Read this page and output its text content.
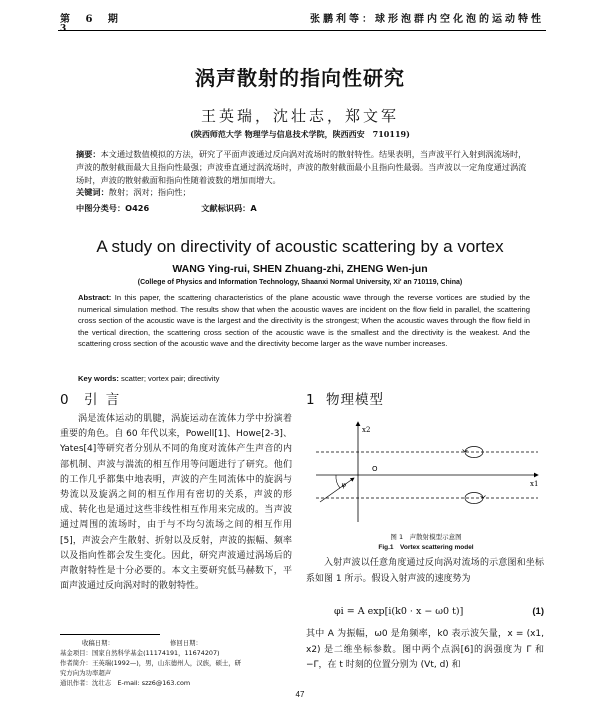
第 6 期
3
张鹏利等：球形泡群内空化泡的运动特性
涡声散射的指向性研究
王英瑞，沈壮志，郑文军
(陕西师范大学 物理学与信息技术学院，陕西西安　710119)
摘要：本文通过数值模拟的方法，研究了平面声波通过反向涡对流场时的散射特性。结果表明，当声波平行入射到涡流场时，声波的散射截面最大且指向性最强；声波垂直通过涡流场时，声波的散射截面最小且指向性最弱。当声波以一定角度通过涡流场时，声波的散射截面和指向性随着波数的增加而增大。
关键词：散射；涡对；指向性；
中图分类号：O426	文献标识码：A
A study on directivity of acoustic scattering by a vortex
WANG Ying-rui, SHEN Zhuang-zhi, ZHENG Wen-jun
(College of Physics and Information Technology, Shaanxi Normal University, Xi' an 710119, China)
Abstract: In this paper, the scattering characteristics of the plane acoustic wave through the reverse vortices are studied by the numerical simulation method. The results show that when the acoustic waves are incident on the flow field in parallel, the scattering cross section of the acoustic wave is the largest and the directivity is the strongest; When the acoustic waves through the flow field in the vertical direction, the scattering cross section of the acoustic wave is the smallest and the directivity is the weakest. And the scattering cross section of the acoustic wave and the directivity become larger as the wave number increases.
Key words: scatter; vortex pair; directivity
0 引 言	1 物理模型

涡是流体运动的肌腱，涡旋运动在流体力学中扮演着重要的角色。自 60 年代以来，Powell[1]、Howe[2-3]、Yates[4]等研究者分别从不同的角度对流体产生声音的内部机制、声波与湍流的相互作用等问题进行了研究。他们的工作几乎都集中地表明，声波的产生同流体中的旋涡与势流以及旋涡之间的相互作用有密切的关系，声波的形成、转化也是通过这些非线性相互作用来完成的。当声波通过周围的流场时，由于与不均匀流场之间的相互作用[5]，声波会产生散射、折射以及反射，声波的振幅、频率以及指向性都会发生变化。因此，研究声波通过涡场后的声散射特性是十分必要的。本文主要研究低马赫数下，平面声波通过反向涡对时的散射特性。

ψ
x2
x1
O
图 1　声散射模型示意图
Fig.1　Vortex scattering model

入射声波以任意角度通过反向涡对流场的示意图和坐标系如图 1 所示。假设入射声波的速度势为

φi = A exp[i(k0 · x − ω0 t)]	(1)

其中 A 为振幅，ω0 是角频率，k0 表示波矢量，x = (x1, x2) 是二维坐标参数。图中两个点涡[6]的涡强度为 Γ 和 −Γ，在 t 时刻的位置分别为 (Vt, d) 和

收稿日期：	修回日期：
基金项目：国家自然科学基金(11174191，11674207)
作者简介：王英瑞(1992—)，男，山东德州人，汉族，硕士，研
究方向为功率超声
通讯作者：沈壮志　E-mail: szz6@163.com
47
